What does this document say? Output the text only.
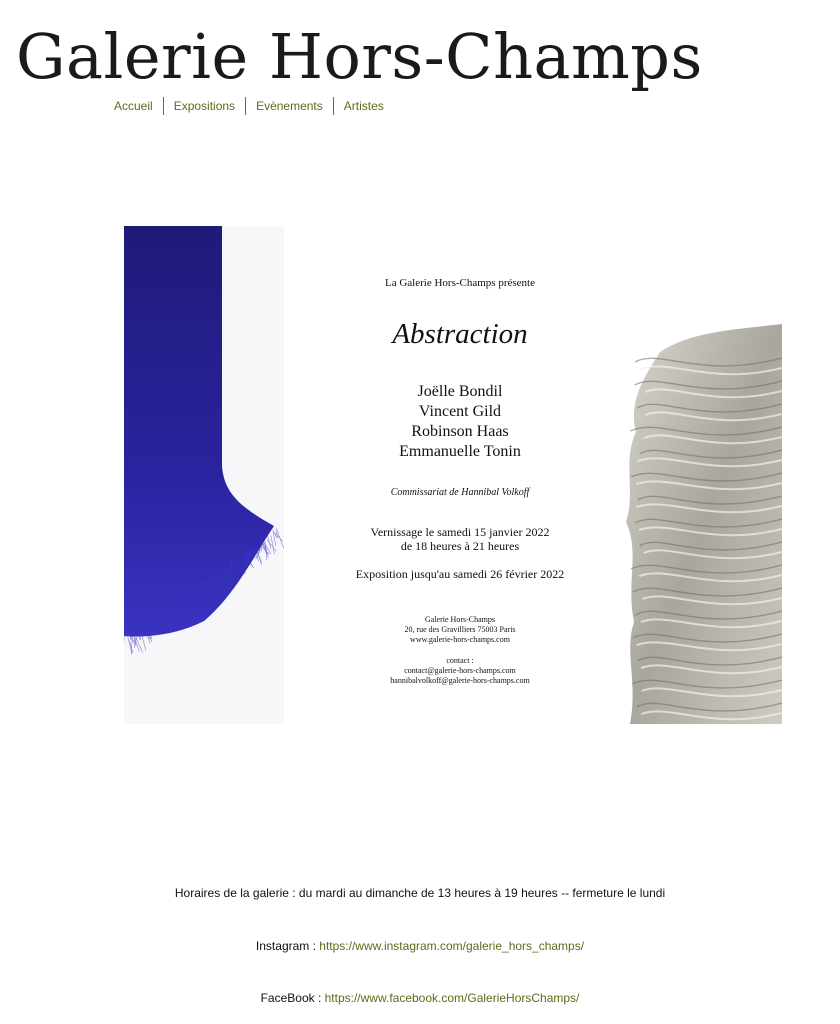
Galerie Hors-Champs
Accueil	Expositions	Evènements	Artistes
La Galerie Hors-Champs présente
Abstraction
Joëlle Bondil
Vincent Gild
Robinson Haas
Emmanuelle Tonin
Commissariat de Hannibal Volkoff
Vernissage le samedi 15 janvier 2022
de 18 heures à 21 heures
Exposition jusqu'au samedi 26 février 2022
Galerie Hors-Champs
20, rue des Gravilliers 75003 Paris
www.galerie-hors-champs.com
contact :
contact@galerie-hors-champs.com
hannibalvolkoff@galerie-hors-champs.com
Horaires de la galerie : du mardi au dimanche de 13 heures à 19 heures -- fermeture le lundi
Instagram : https://www.instagram.com/galerie_hors_champs/
FaceBook : https://www.facebook.com/GalerieHorsChamps/
